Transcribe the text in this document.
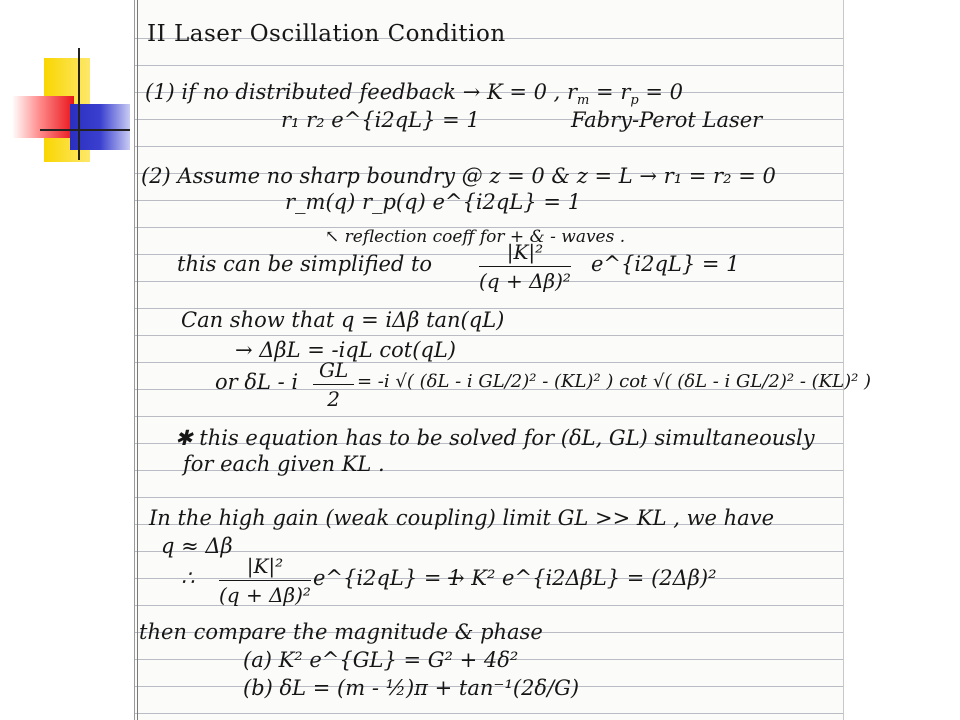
II Laser Oscillation Condition
(1) if no distributed feedback → K = 0 , $r_m = r_p = 0$
r₁ r₂ e^{i2qL} = 1	Fabry-Perot Laser
(2) Assume no sharp boundry @ z = 0 & z = L → r₁ = r₂ = 0
r_m(q) r_p(q) e^{i2qL} = 1
↖ reflection coeff for + & - waves .
this can be simplified to $\frac{\text{|K|²}}{\text{(q + Δβ)²}}$ e^{i2qL} = 1
Can show that q = iΔβ tan(qL)
→ ΔβL = -iqL cot(qL)
or δL - i $\frac{GL}{2} = -i$ √( (δL - i GL/2)² - (KL)² ) cot √( (δL - i GL/2)² - (KL)² )
✱ this equation has to be solved for (δL, GL) simultaneously
for each given KL .
In the high gain (weak coupling) limit GL >> KL , we have
q ≈ Δβ
∴ $\frac{\text{|K|²}}{\text{(q + Δβ)²}}$ e^{i2qL} = 1
→ K² e^{i2ΔβL} = (2Δβ)²
then compare the magnitude & phase
(a) K² e^{GL} = G² + 4δ²
(b) δL = (m - ½)π + tan⁻¹(2δ/G)
